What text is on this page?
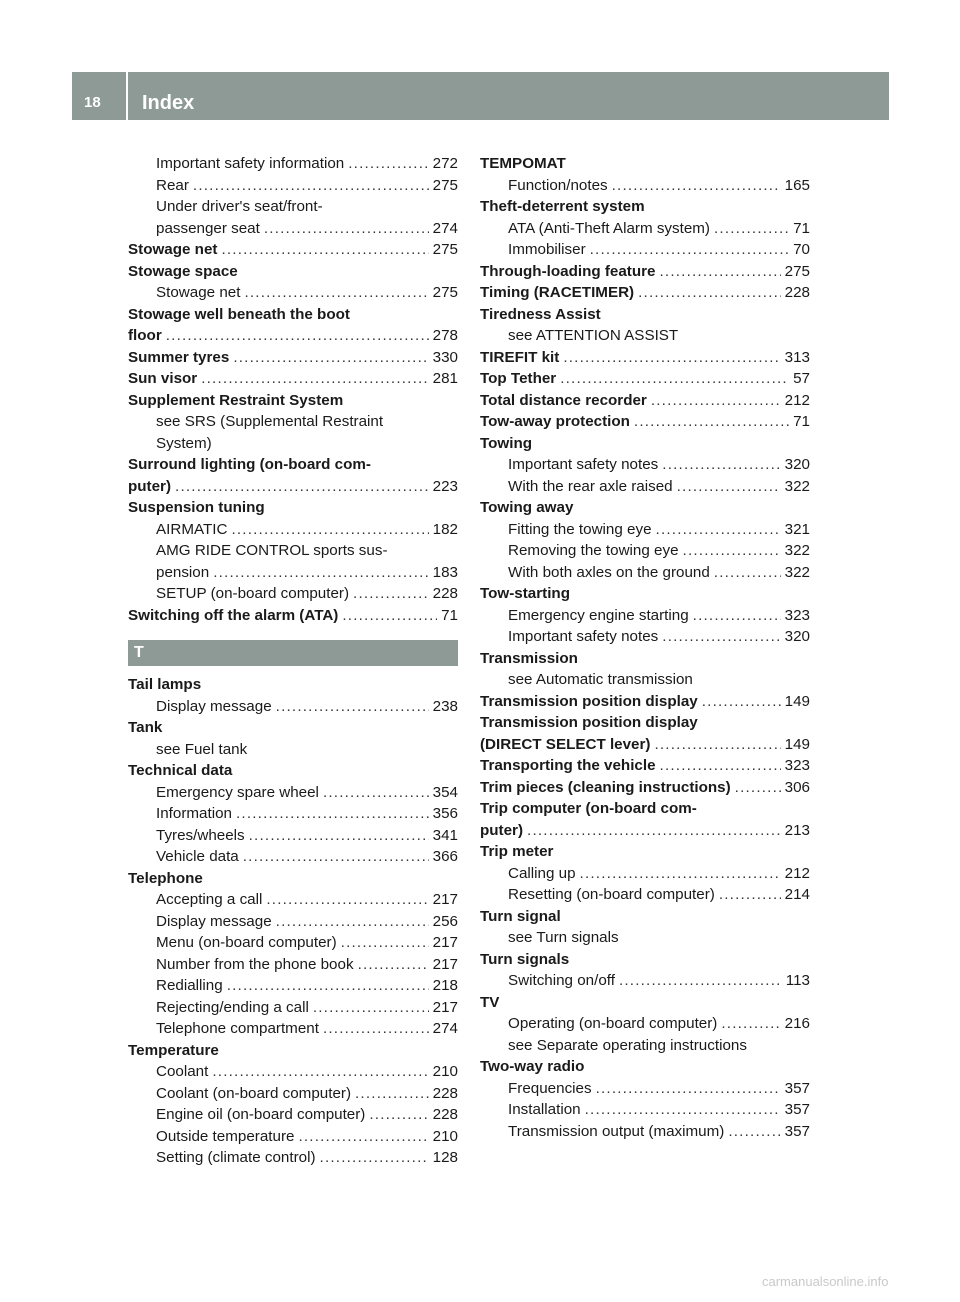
18	Index
Important safety information .....	272
Rear .....	275
Under driver's seat/front-
passenger seat .....	274
Stowage net .....	275
Stowage space
Stowage net .....	275
Stowage well beneath the boot
floor .....	278
Summer tyres .....	330
Sun visor .....	281
Supplement Restraint System
see SRS (Supplemental Restraint
System)
Surround lighting (on-board com-
puter) .....	223
Suspension tuning
AIRMATIC .....	182
AMG RIDE CONTROL sports sus-
pension .....	183
SETUP (on-board computer) .....	228
Switching off the alarm (ATA) .....	71
T
Tail lamps
Display message .....	238
Tank
see Fuel tank
Technical data
Emergency spare wheel .....	354
Information .....	356
Tyres/wheels .....	341
Vehicle data .....	366
Telephone
Accepting a call .....	217
Display message .....	256
Menu (on-board computer) .....	217
Number from the phone book .....	217
Redialling .....	218
Rejecting/ending a call .....	217
Telephone compartment .....	274
Temperature
Coolant .....	210
Coolant (on-board computer) .....	228
Engine oil (on-board computer) .....	228
Outside temperature .....	210
Setting (climate control) .....	128
TEMPOMAT
Function/notes .....	165
Theft-deterrent system
ATA (Anti-Theft Alarm system) .....	71
Immobiliser .....	70
Through-loading feature .....	275
Timing (RACETIMER) .....	228
Tiredness Assist
see ATTENTION ASSIST
TIREFIT kit .....	313
Top Tether .....	57
Total distance recorder .....	212
Tow-away protection .....	71
Towing
Important safety notes .....	320
With the rear axle raised .....	322
Towing away
Fitting the towing eye .....	321
Removing the towing eye .....	322
With both axles on the ground .....	322
Tow-starting
Emergency engine starting .....	323
Important safety notes .....	320
Transmission
see Automatic transmission
Transmission position display .....	149
Transmission position display
(DIRECT SELECT lever) .....	149
Transporting the vehicle .....	323
Trim pieces (cleaning instructions) .....	306
Trip computer (on-board com-
puter) .....	213
Trip meter
Calling up .....	212
Resetting (on-board computer) .....	214
Turn signal
see Turn signals
Turn signals
Switching on/off .....	113
TV
Operating (on-board computer) .....	216
see Separate operating instructions
Two-way radio
Frequencies .....	357
Installation .....	357
Transmission output (maximum) .....	357
carmanualsonline.info
